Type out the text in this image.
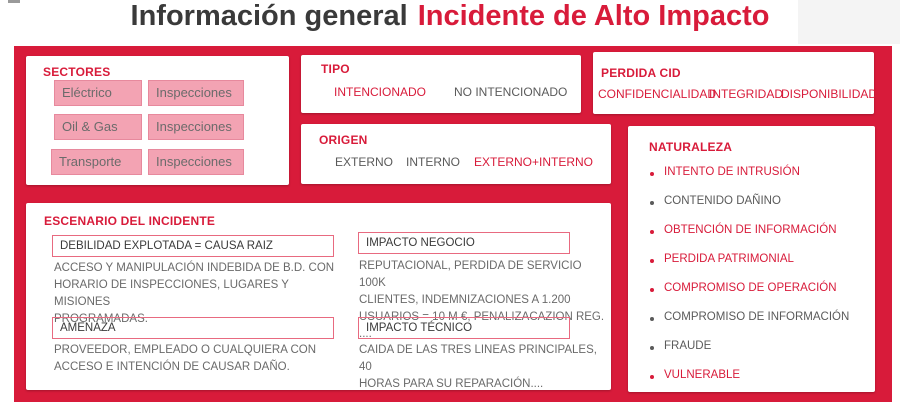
Información general Incidente de Alto Impacto
SECTORES
Eléctrico	Inspecciones
Oil & Gas	Inspecciones
Transporte	Inspecciones
TIPO
INTENCIONADO NO INTENCIONADO
PERDIDA CID
CONFIDENCIALIDAD
INTEGRIDAD
DISPONIBILIDAD
ORIGEN
EXTERNO INTERNO EXTERNO+INTERNO
NATURALEZA
INTENTO DE INTRUSIÓN
CONTENIDO DAÑINO
OBTENCIÓN DE INFORMACIÓN
PERDIDA PATRIMONIAL
COMPROMISO DE OPERACIÓN
COMPROMISO DE INFORMACIÓN
FRAUDE
VULNERABLE
ESCENARIO DEL INCIDENTE
DEBILIDAD EXPLOTADA = CAUSA RAIZ
ACCESO Y MANIPULACIÓN INDEBIDA DE B.D. CON
HORARIO DE INSPECCIONES, LUGARES Y MISIONES
PROGRAMADAS.
AMENAZA
PROVEEDOR, EMPLEADO O CUALQUIERA CON
ACCESO E INTENCIÓN DE CAUSAR DAÑO.
IMPACTO NEGOCIO
REPUTACIONAL, PERDIDA DE SERVICIO 100K
CLIENTES, INDEMNIZACIONES A 1.200
USUARIOS = 10 M €, PENALIZACAZION REG. ....
IMPACTO TÉCNICO
CAIDA DE LAS TRES LINEAS PRINCIPALES, 40
HORAS PARA SU REPARACIÓN....
